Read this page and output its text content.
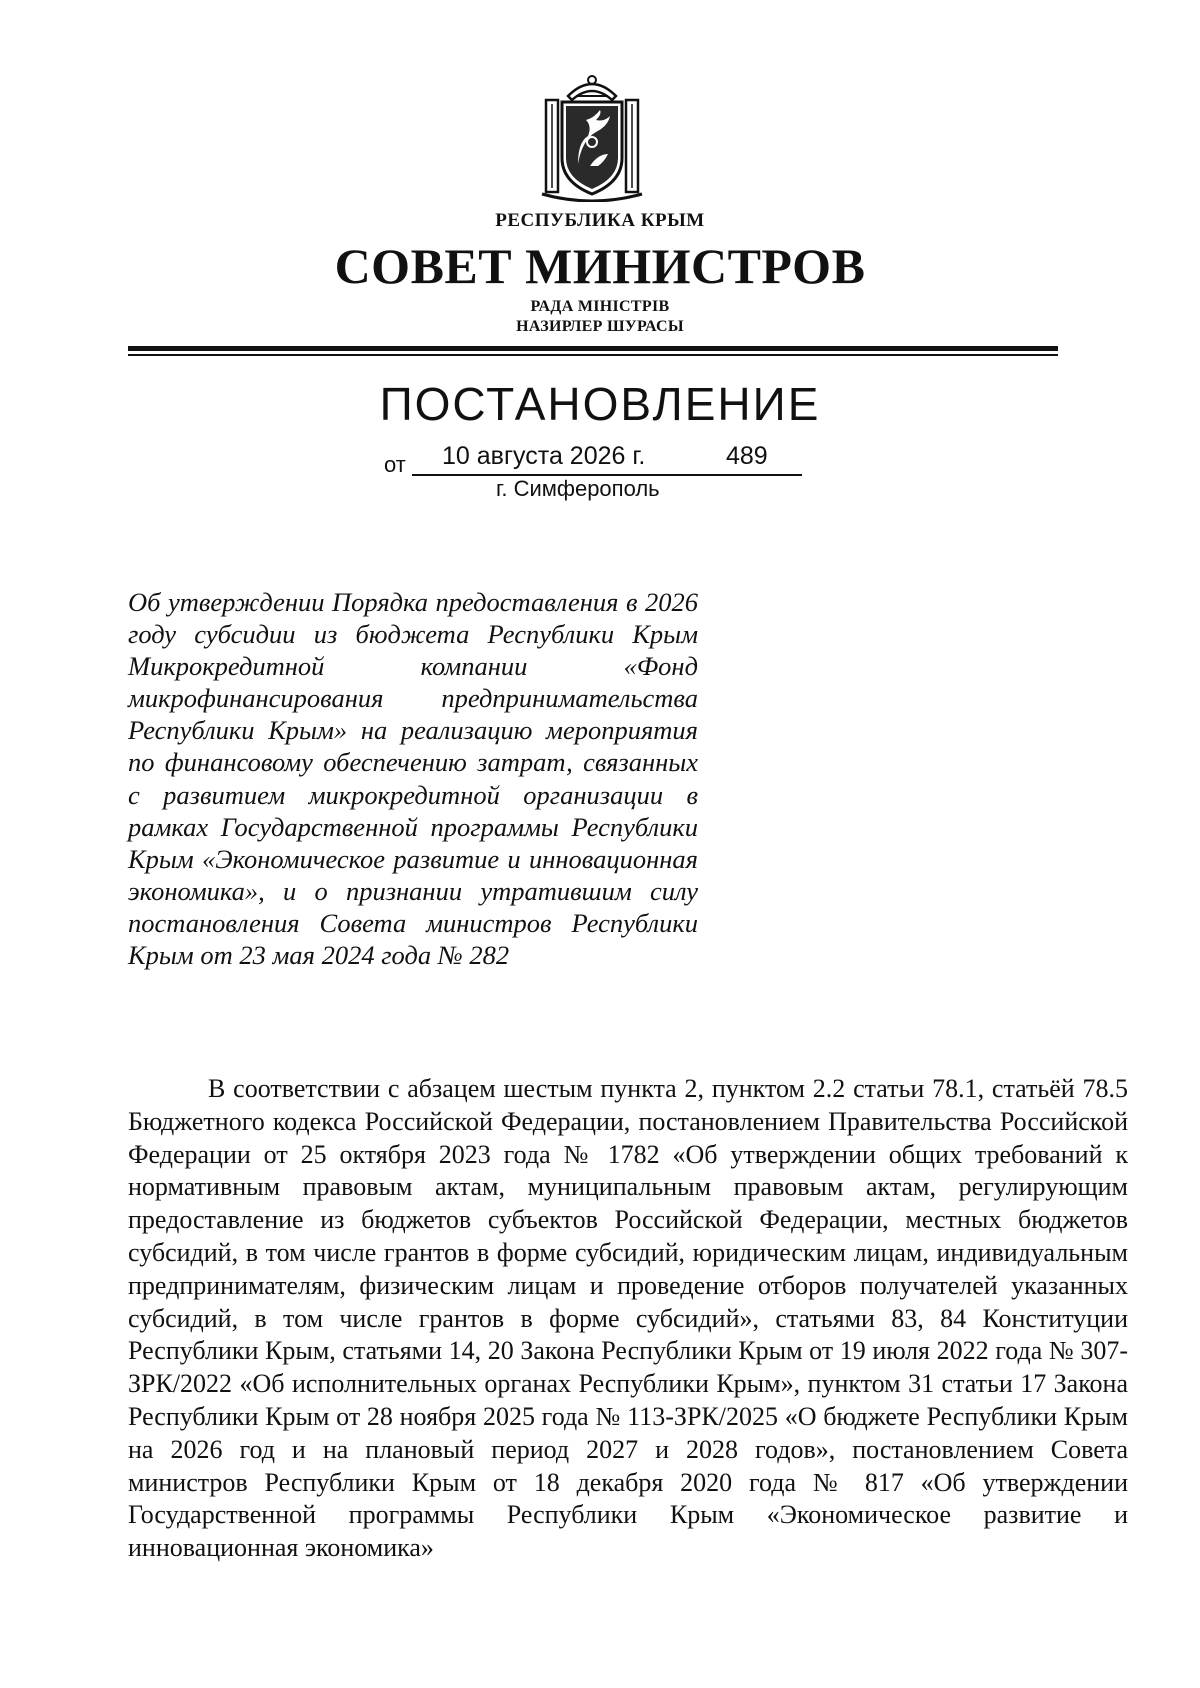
РЕСПУБЛИКА КРЫМ
СОВЕТ МИНИСТРОВ
РАДА МІНІСТРІВ
НАЗИРЛЕР ШУРАСЫ
ПОСТАНОВЛЕНИЕ
от 10 августа 2026 г.	489
г. Симферополь
Об утверждении Порядка предоставления в 2026 году субсидии из бюджета Республики Крым Микрокредитной компании «Фонд микрофинансирования предпринимательства Республики Крым» на реализацию мероприятия по финансовому обеспечению затрат, связанных с развитием микрокредитной организации в рамках Государственной программы Республики Крым «Экономическое развитие и инновационная экономика», и о признании утратившим силу постановления Совета министров Республики Крым от 23 мая 2024 года № 282
В соответствии с абзацем шестым пункта 2, пунктом 2.2 статьи 78.1, статьёй 78.5 Бюджетного кодекса Российской Федерации, постановлением Правительства Российской Федерации от 25 октября 2023 года № 1782 «Об утверждении общих требований к нормативным правовым актам, муниципальным правовым актам, регулирующим предоставление из бюджетов субъектов Российской Федерации, местных бюджетов субсидий, в том числе грантов в форме субсидий, юридическим лицам, индивидуальным предпринимателям, физическим лицам и проведение отборов получателей указанных субсидий, в том числе грантов в форме субсидий», статьями 83, 84 Конституции Республики Крым, статьями 14, 20 Закона Республики Крым от 19 июля 2022 года № 307-ЗРК/2022 «Об исполнительных органах Республики Крым», пунктом 31 статьи 17 Закона Республики Крым от 28 ноября 2025 года № 113-ЗРК/2025 «О бюджете Республики Крым на 2026 год и на плановый период 2027 и 2028 годов», постановлением Совета министров Республики Крым от 18 декабря 2020 года № 817 «Об утверждении Государственной программы Республики Крым «Экономическое развитие и инновационная экономика»
